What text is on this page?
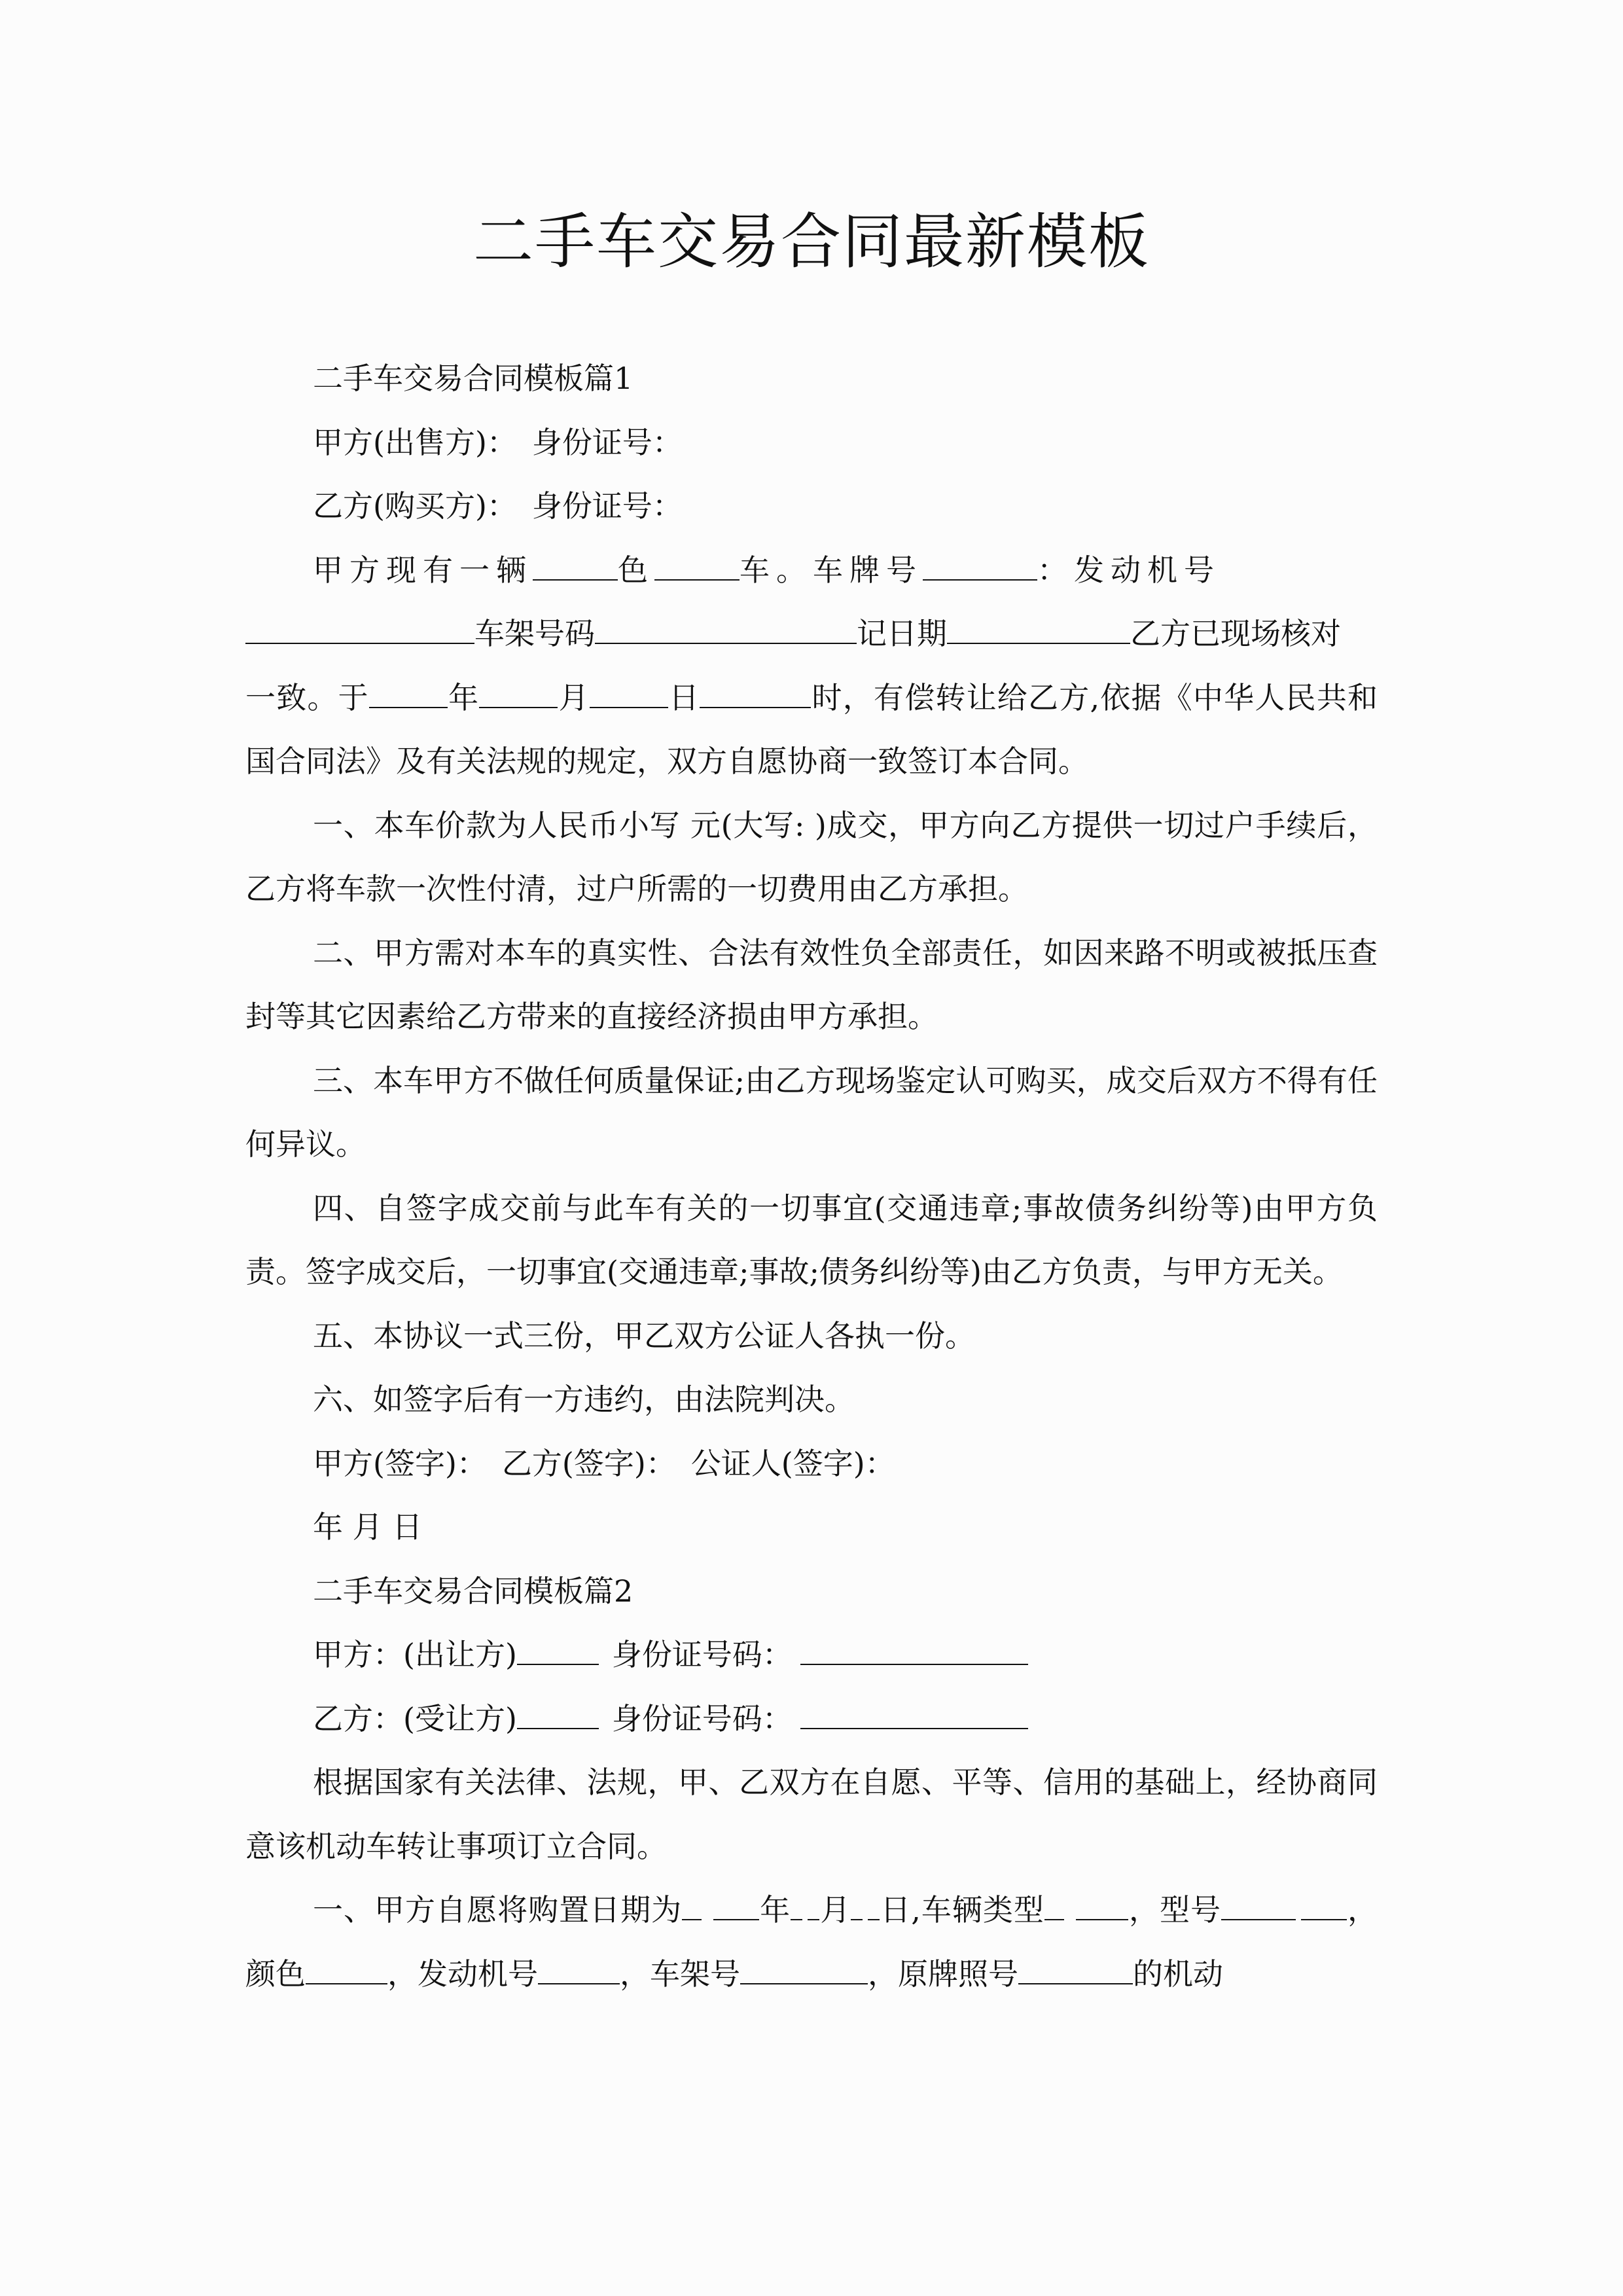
二手车交易合同最新模板

二手车交易合同模板篇1

甲方(出售方)：　身份证号：

乙方(购买方)：　身份证号：

甲方现有一辆	色	车。车牌号	：发动机号

车架号码	记日期	乙方已现场核对

一致。于	年	月	日	时，有偿转让给乙方,依据《中华人民共和国合同法》及有关法规的规定，双方自愿协商一致签订本合同。

一、本车价款为人民币小写 元(大写: )成交，甲方向乙方提供一切过户手续后，乙方将车款一次性付清，过户所需的一切费用由乙方承担。

二、甲方需对本车的真实性、合法有效性负全部责任，如因来路不明或被抵压查封等其它因素给乙方带来的直接经济损由甲方承担。

三、本车甲方不做任何质量保证;由乙方现场鉴定认可购买，成交后双方不得有任何异议。

四、自签字成交前与此车有关的一切事宜(交通违章;事故债务纠纷等)由甲方负责。签字成交后，一切事宜(交通违章;事故;债务纠纷等)由乙方负责，与甲方无关。

五、本协议一式三份，甲乙双方公证人各执一份。

六、如签字后有一方违约，由法院判决。

甲方(签字)：　乙方(签字)：　公证人(签字)：

年 月 日

二手车交易合同模板篇2

甲方：(出让方)	身份证号码：

乙方：(受让方)	身份证号码：

根据国家有关法律、法规，甲、乙双方在自愿、平等、信用的基础上，经协商同意该机动车转让事项订立合同。

一、甲方自愿将购置日期为	年 月 日,车辆类型	，型号	，颜色	，发动机号	，车架号	，原牌照号	的机动
